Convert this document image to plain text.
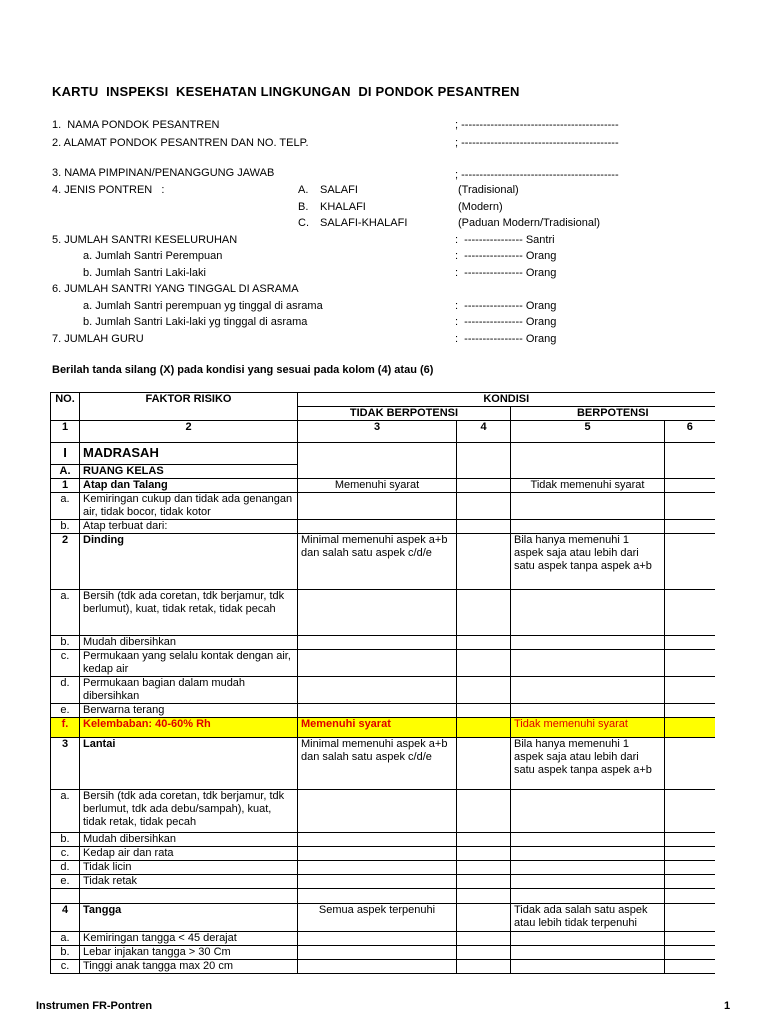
KARTU  INSPEKSI  KESEHATAN LINGKUNGAN  DI PONDOK PESANTREN
1.  NAMA PONDOK PESANTREN	; -------------------------------------------
2. ALAMAT PONDOK PESANTREN DAN NO. TELP.	; -------------------------------------------
3. NAMA PIMPINAN/PENANGGUNG JAWAB	; -------------------------------------------
4. JENIS PONTREN   :	A. SALAFI	(Tradisional)
B. KHALAFI	(Modern)
C. SALAFI-KHALAFI	(Paduan Modern/Tradisional)
5. JUMLAH SANTRI KESELURUHAN	:  ---------------- Santri
a. Jumlah Santri Perempuan	:  ---------------- Orang
b. Jumlah Santri Laki-laki	:  ---------------- Orang
6. JUMLAH SANTRI YANG TINGGAL DI ASRAMA
a. Jumlah Santri perempuan yg tinggal di asrama	:  ---------------- Orang
b. Jumlah Santri Laki-laki yg tinggal di asrama	:  ---------------- Orang
7. JUMLAH GURU	:  ---------------- Orang
Berilah tanda silang (X) pada kondisi yang sesuai pada kolom (4) atau (6)
NO.	FAKTOR RISIKO	KONDISI			
		TIDAK BERPOTENSI		BERPOTENSI	
1	2	3	4	5	6
I	MADRASAH				
A.	RUANG KELAS				
1	Atap dan Talang	Memenuhi syarat		Tidak memenuhi syarat	
a.	Kemiringan cukup dan tidak ada genangan air, tidak bocor, tidak kotor				
b.	Atap terbuat dari:				
2	Dinding	Minimal memenuhi aspek a+b dan salah satu aspek c/d/e		Bila hanya memenuhi 1 aspek saja atau lebih dari satu aspek tanpa aspek a+b	
a.	Bersih (tdk ada coretan, tdk berjamur, tdk berlumut), kuat, tidak retak, tidak pecah				
b.	Mudah dibersihkan				
c.	Permukaan yang selalu kontak dengan air, kedap air				
d.	Permukaan bagian dalam mudah dibersihkan				
e.	Berwarna terang				
f.	Kelembaban: 40-60% Rh	Memenuhi syarat		Tidak memenuhi syarat	
3	Lantai	Minimal memenuhi aspek a+b dan salah satu aspek c/d/e		Bila hanya memenuhi 1 aspek saja atau lebih dari satu aspek tanpa aspek a+b	
a.	Bersih (tdk ada coretan, tdk berjamur, tdk berlumut, tdk ada debu/sampah), kuat, tidak retak, tidak pecah				
b.	Mudah dibersihkan				
c.	Kedap air dan rata				
d.	Tidak licin				
e.	Tidak retak				

4	Tangga	Semua aspek terpenuhi		Tidak ada salah satu aspek atau lebih tidak terpenuhi	
a.	Kemiringan tangga < 45 derajat				
b.	Lebar injakan tangga > 30 Cm				
c.	Tinggi anak tangga max 20 cm				
Instrumen FR-Pontren	1
